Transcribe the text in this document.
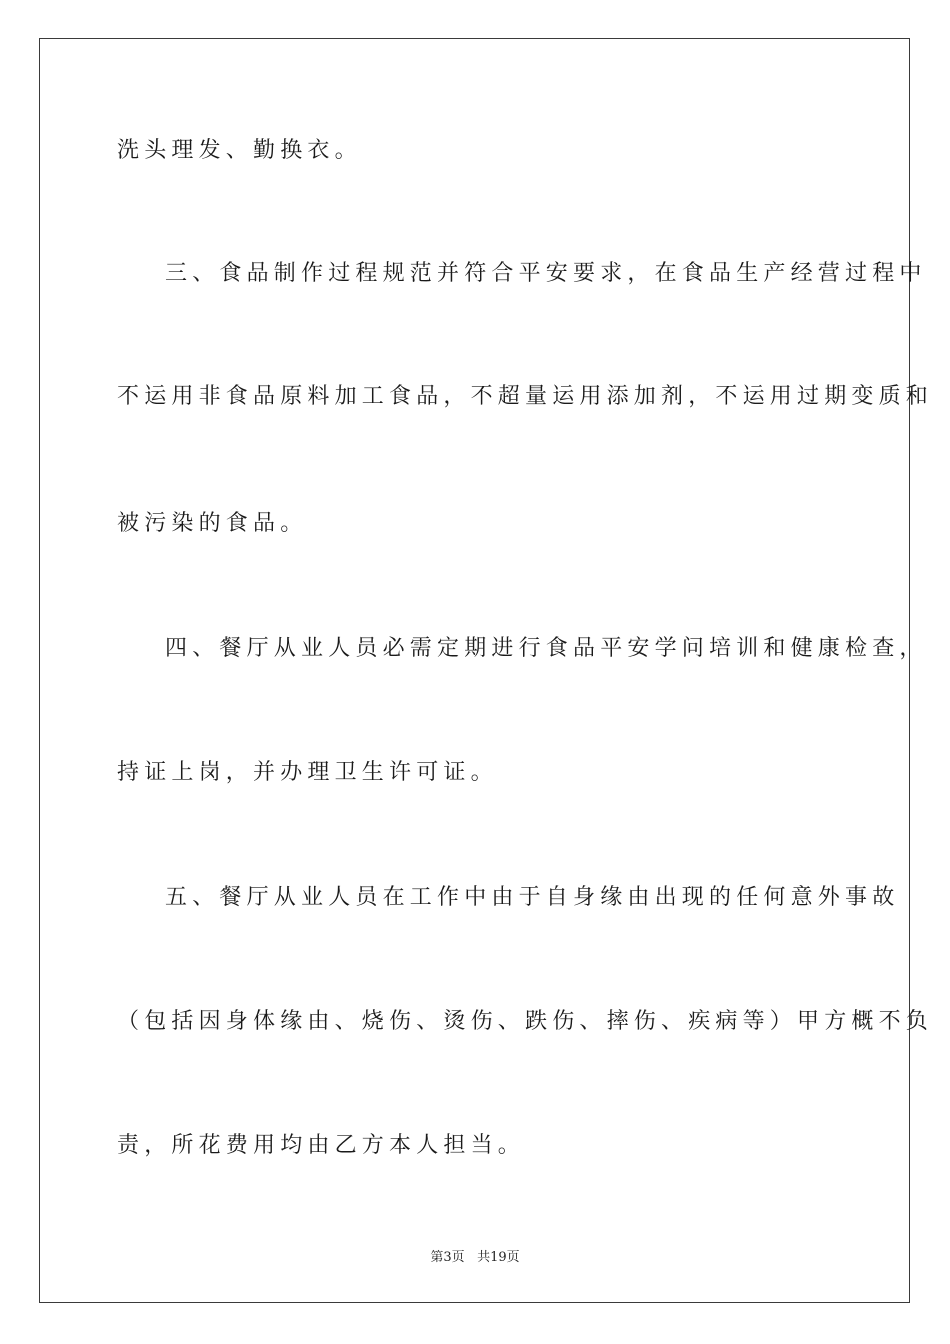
洗头理发、勤换衣。
三、食品制作过程规范并符合平安要求，在食品生产经营过程中
不运用非食品原料加工食品，不超量运用添加剂，不运用过期变质和
被污染的食品。
四、餐厅从业人员必需定期进行食品平安学问培训和健康检查，
持证上岗，并办理卫生许可证。
五、餐厅从业人员在工作中由于自身缘由出现的任何意外事故
（包括因身体缘由、烧伤、烫伤、跌伤、摔伤、疾病等）甲方概不负
责，所花费用均由乙方本人担当。
第3页 共19页
